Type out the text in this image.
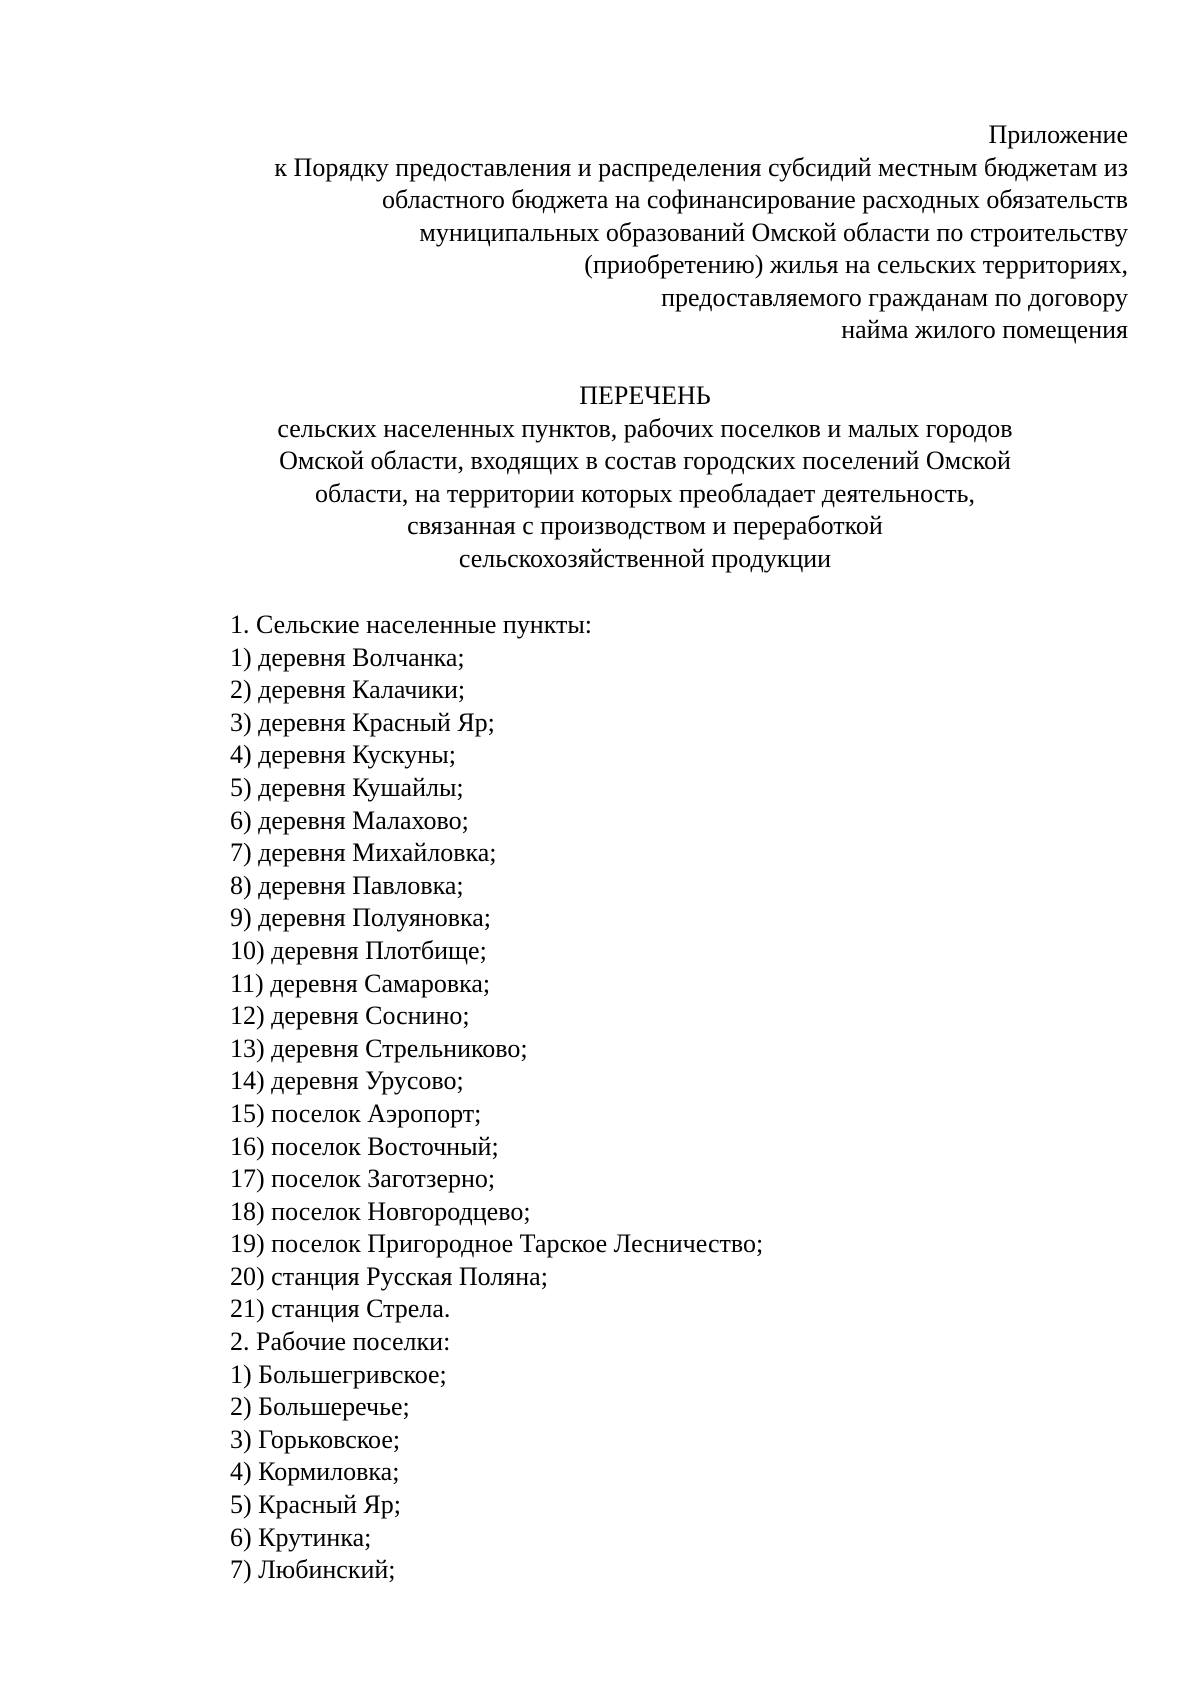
Приложение
к Порядку предоставления и распределения субсидий местным бюджетам из
областного бюджета на софинансирование расходных обязательств
муниципальных образований Омской области по строительству
(приобретению) жилья на сельских территориях,
предоставляемого гражданам по договору
найма жилого помещения
ПЕРЕЧЕНЬ
сельских населенных пунктов, рабочих поселков и малых городов
Омской области, входящих в состав городских поселений Омской
области, на территории которых преобладает деятельность,
связанная с производством и переработкой
сельскохозяйственной продукции
1. Сельские населенные пункты:
1) деревня Волчанка;
2) деревня Калачики;
3) деревня Красный Яр;
4) деревня Кускуны;
5) деревня Кушайлы;
6) деревня Малахово;
7) деревня Михайловка;
8) деревня Павловка;
9) деревня Полуяновка;
10) деревня Плотбище;
11) деревня Самаровка;
12) деревня Соснино;
13) деревня Стрельниково;
14) деревня Урусово;
15) поселок Аэропорт;
16) поселок Восточный;
17) поселок Заготзерно;
18) поселок Новгородцево;
19) поселок Пригородное Тарское Лесничество;
20) станция Русская Поляна;
21) станция Стрела.
2. Рабочие поселки:
1) Большегривское;
2) Большеречье;
3) Горьковское;
4) Кормиловка;
5) Красный Яр;
6) Крутинка;
7) Любинский;
